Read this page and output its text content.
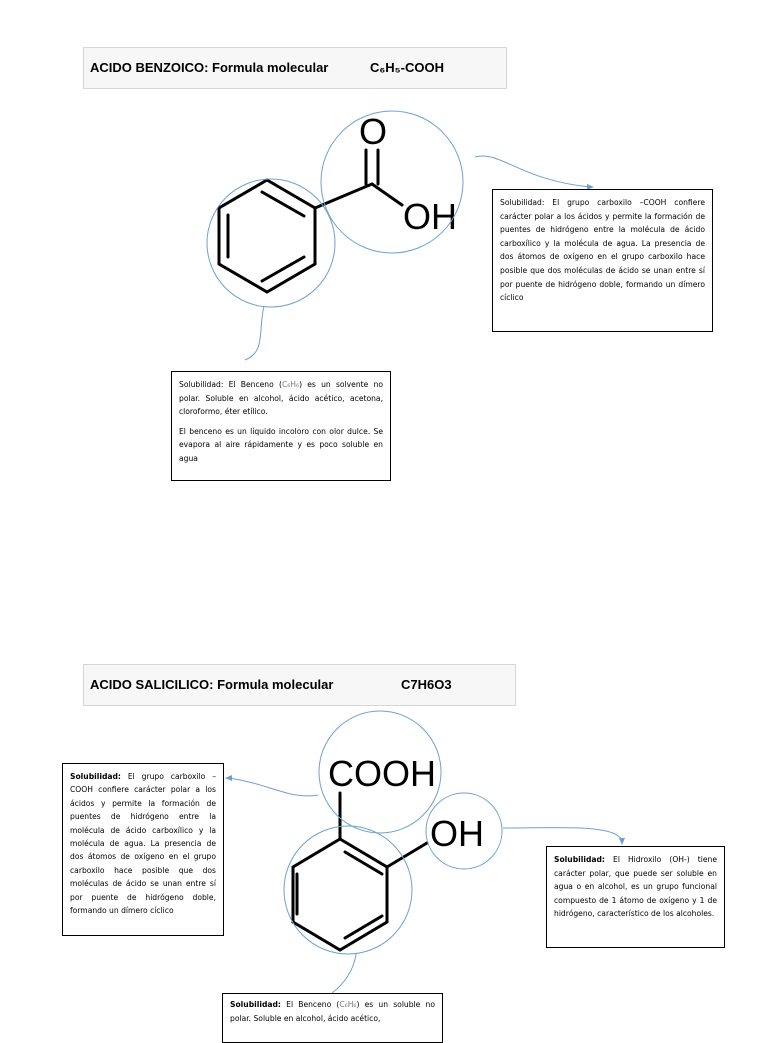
ACIDO BENZOICO: Formula molecular	C₆H₅-COOH
O
OH
COOH
OH

Solubilidad: El grupo carboxilo –COOH confiere carácter polar a los ácidos y permite la formación de puentes de hidrógeno entre la molécula de ácido carboxílico y la molécula de agua. La presencia de dos átomos de oxígeno en el grupo carboxilo hace posible que dos moléculas de ácido se unan entre sí por puente de hidrógeno doble, formando un dímero cíclico

Solubilidad: El Benceno (C₆H₆) es un solvente no polar. Soluble en alcohol, ácido acético, acetona, cloroformo, éter etílico.

El benceno es un líquido incoloro con olor dulce. Se evapora al aire rápidamente y es poco soluble en agua

ACIDO SALICILICO: Formula molecular	C7H6O3

Solubilidad: El grupo carboxilo –COOH confiere carácter polar a los ácidos y permite la formación de puentes de hidrógeno entre la molécula de ácido carboxílico y la molécula de agua. La presencia de dos átomos de oxígeno en el grupo carboxilo hace posible que dos moléculas de ácido se unan entre sí por puente de hidrógeno doble, formando un dímero cíclico

Solubilidad: El Hidroxilo (OH-) tiene carácter polar, que puede ser soluble en agua o en alcohol, es un grupo funcional compuesto de 1 átomo de oxígeno y 1 de hidrógeno, característico de los alcoholes.

Solubilidad: El Benceno (C₆H₆) es un soluble no polar. Soluble en alcohol, ácido acético,
